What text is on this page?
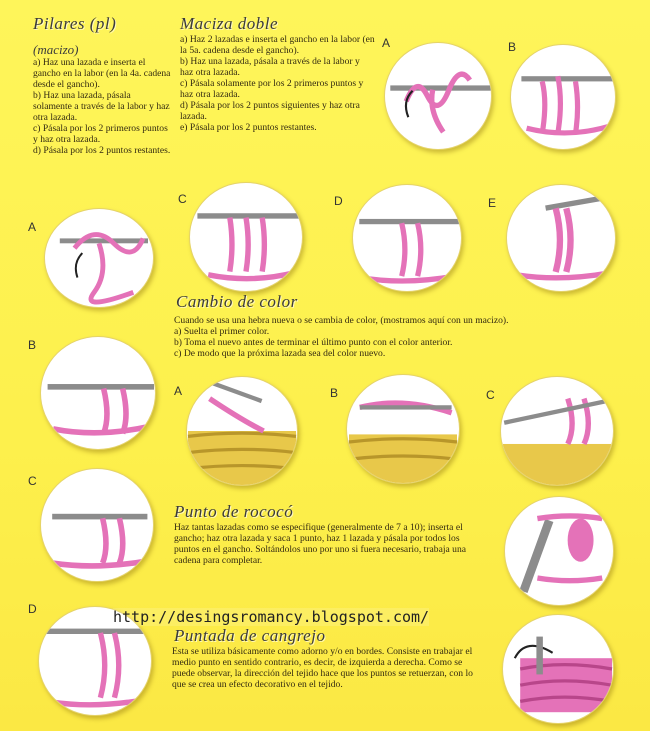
Pilares (pl)
(macizo)

a) Haz una lazada e inserta el gancho en la labor (en la 4a. cadena desde el gancho).

b) Haz una lazada, pásala solamente a través de la labor y haz otra lazada.

c) Pásala por los 2 primeros puntos y haz otra lazada.

d) Pásala por los 2 puntos restantes.

Maciza doble

a) Haz 2 lazadas e inserta el gancho en la labor (en la 5a. cadena desde el gancho).

b) Haz una lazada, pásala a través de la labor y haz otra lazada.

c) Pásala solamente por los 2 primeros puntos y haz otra lazada.

d) Pásala por los 2 puntos siguientes y haz otra lazada.

e) Pásala por los 2 puntos restantes.

A	B
C	D	E
A
B
C
D
Cambio de color

Cuando se usa una hebra nueva o se cambia de color, (mostramos aquí con un macizo).

a) Suelta el primer color.

b) Toma el nuevo antes de terminar el último punto con el color anterior.

c) De modo que la próxima lazada sea del color nuevo.

A	B	C
Punto de rococó
Haz tantas lazadas como se especifique (generalmente de 7 a 10); inserta el gancho; haz otra lazada y saca 1 punto, haz 1 lazada y pásala por todos los puntos en el gancho. Soltándolos uno por uno si fuera necesario, trabaja una cadena para completar.
http://desingsromancy.blogspot.com/
Puntada de cangrejo
Esta se utiliza básicamente como adorno y/o en bordes. Consiste en trabajar el medio punto en sentido contrario, es decir, de izquierda a derecha. Como se puede observar, la dirección del tejido hace que los puntos se retuerzan, con lo que se crea un efecto decorativo en el tejido.
